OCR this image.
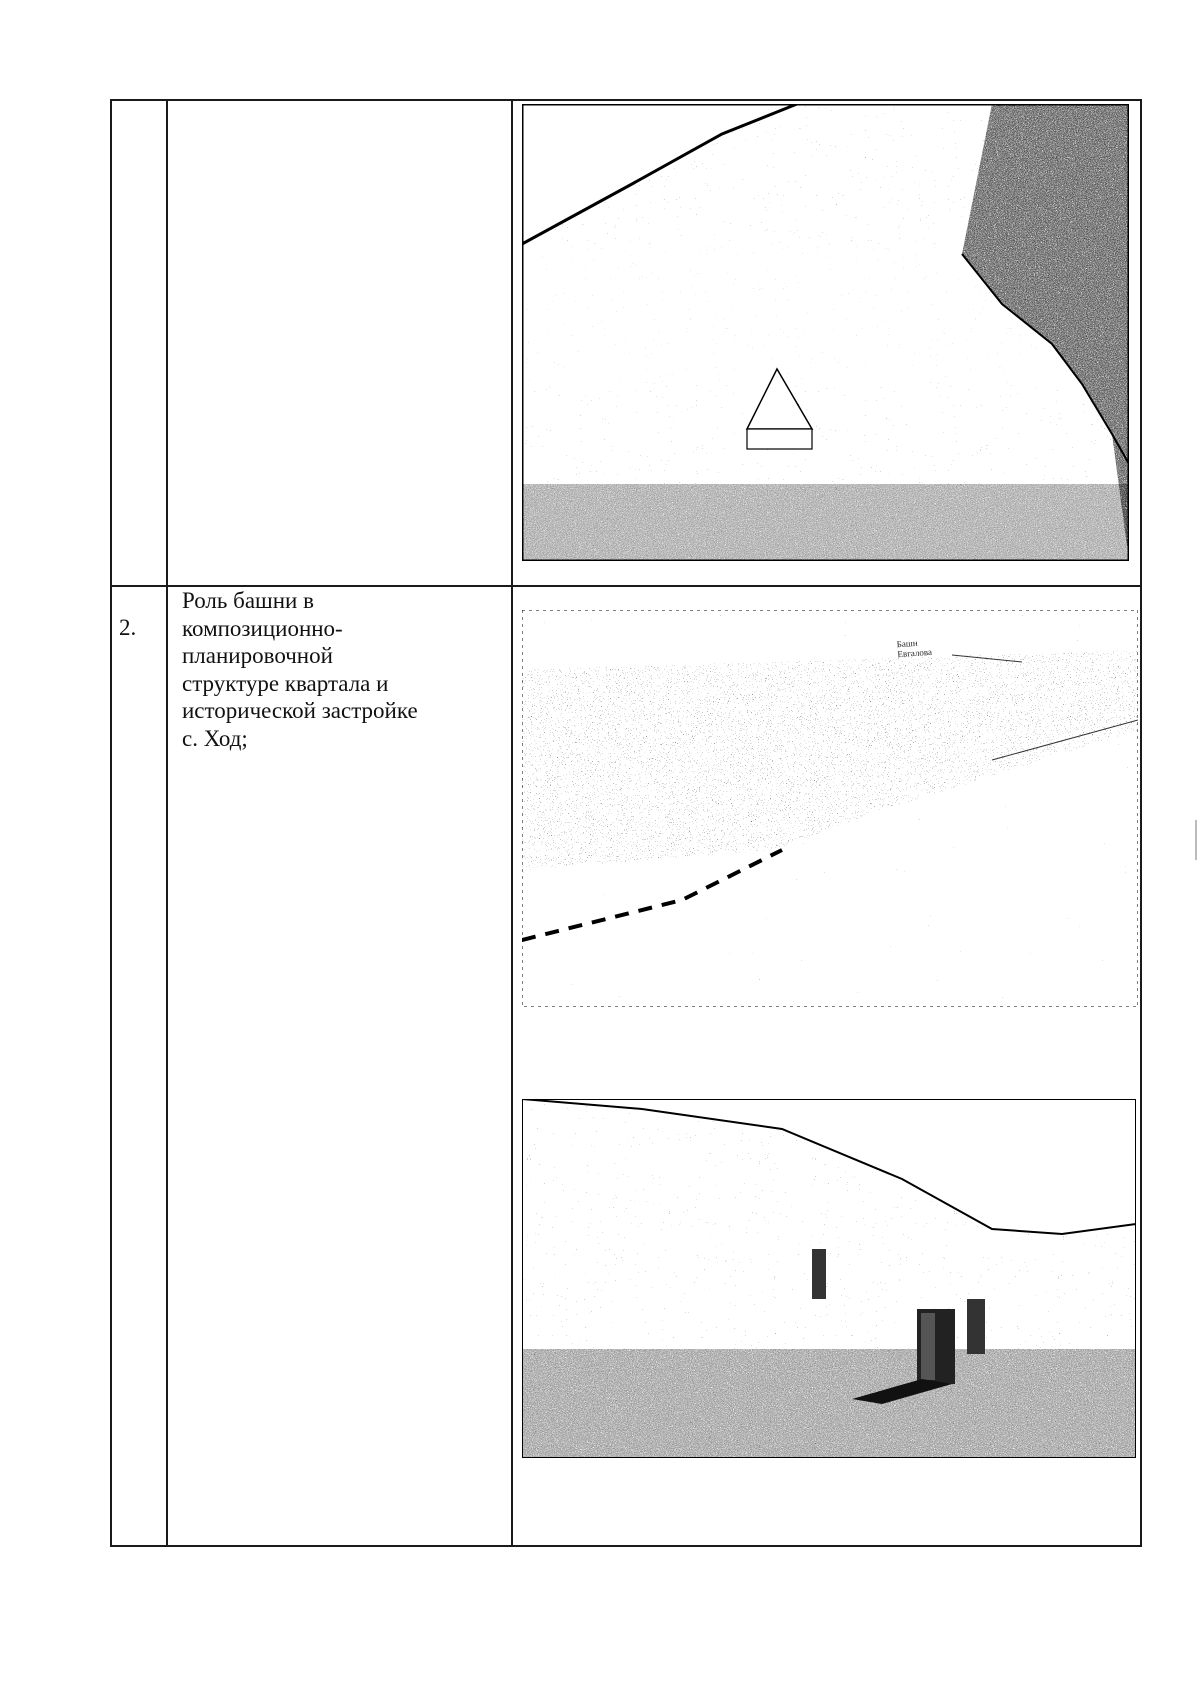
2.
Роль башни в
композиционно-
планировочной
структуре квартала и
исторической застройке
с. Ход;
Башн
Евгалова
